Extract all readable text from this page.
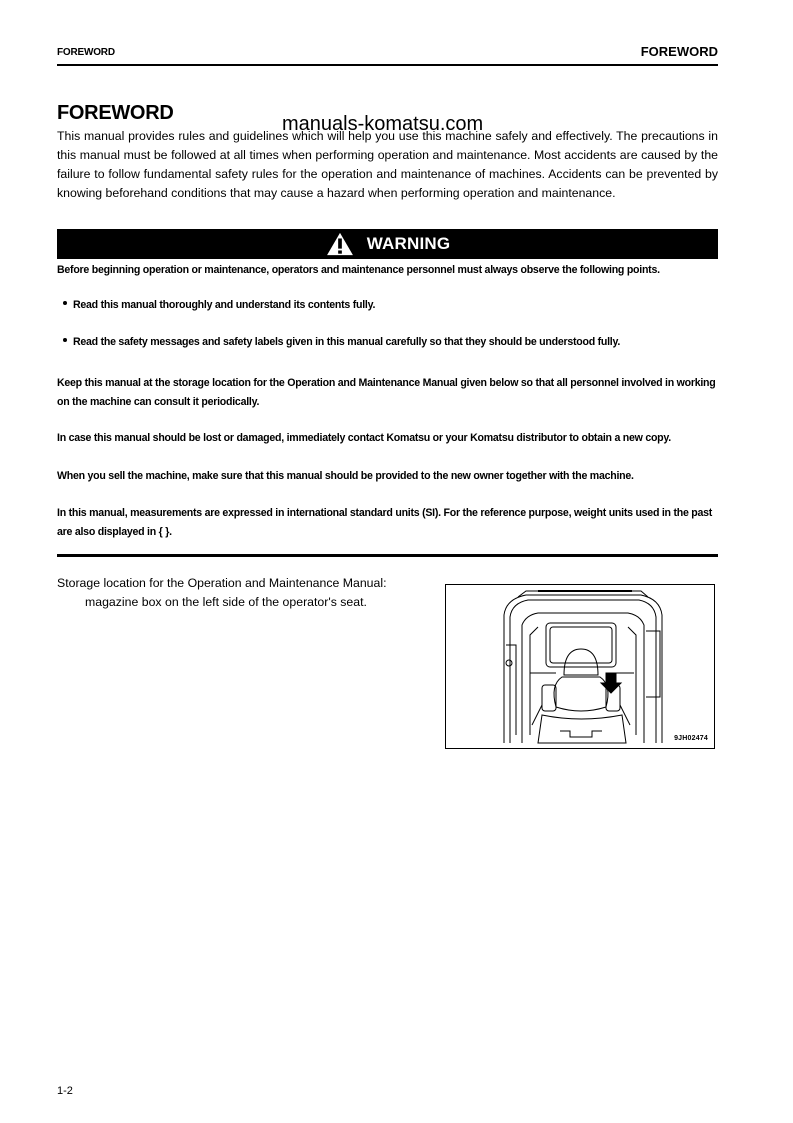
FOREWORD	FOREWORD
FOREWORD
This manual provides rules and guidelines which will help you use this machine safely and effectively. The precautions in this manual must be followed at all times when performing operation and maintenance. Most accidents are caused by the failure to follow fundamental safety rules for the operation and maintenance of machines. Accidents can be prevented by knowing beforehand conditions that may cause a hazard when performing operation and maintenance.
manuals-komatsu.com
WARNING
Before beginning operation or maintenance, operators and maintenance personnel must always observe the following points.
Read this manual thoroughly and understand its contents fully.
Read the safety messages and safety labels given in this manual carefully so that they should be understood fully.
Keep this manual at the storage location for the Operation and Maintenance Manual given below so that all personnel involved in working on the machine can consult it periodically.
In case this manual should be lost or damaged, immediately contact Komatsu or your Komatsu distributor to obtain a new copy.
When you sell the machine, make sure that this manual should be provided to the new owner together with the machine.
In this manual, measurements are expressed in international standard units (SI). For the reference purpose, weight units used in the past are also displayed in { }.
Storage location for the Operation and Maintenance Manual:
magazine box on the left side of the operator's seat.
9JH02474
1-2
